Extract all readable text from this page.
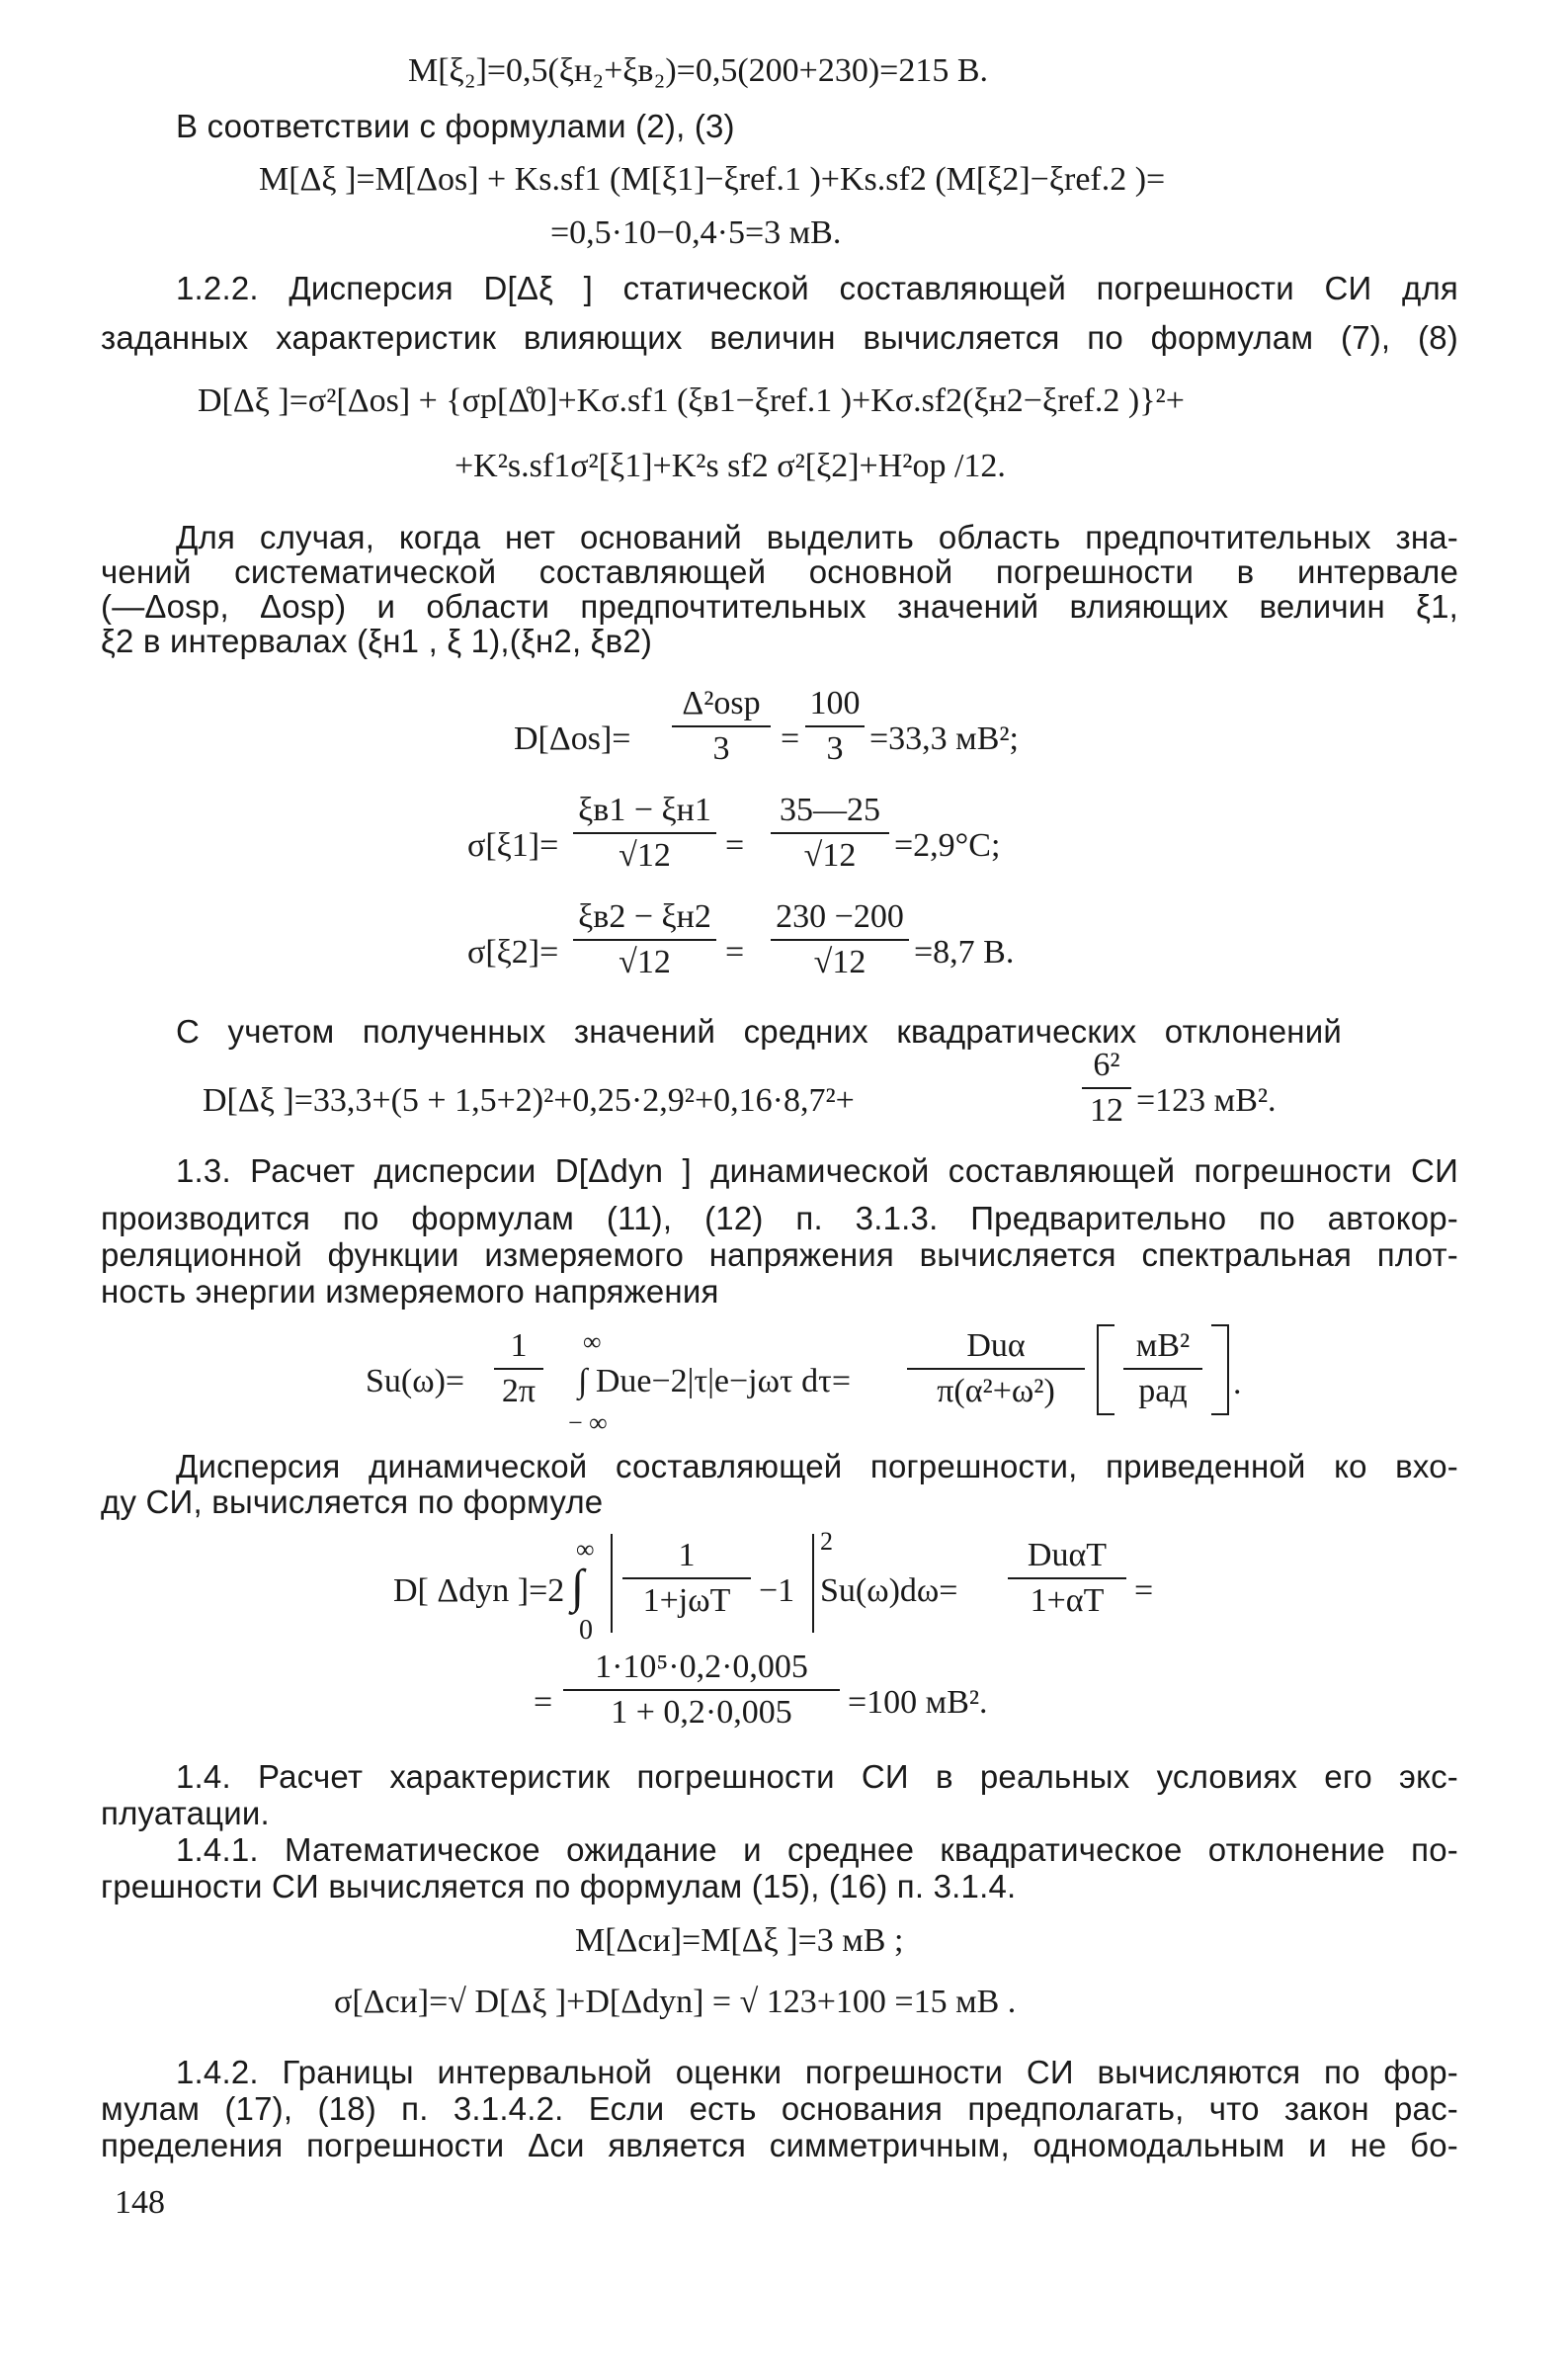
M[ξ₂]=0,5(ξн₂+ξв₂)=0,5(200+230)=215 В.
В соответствии с формулами (2), (3)
M[Δξ ]=M[Δos] + Ks.sf1 (M[ξ1]−ξref.1 )+Ks.sf2 (M[ξ2]−ξref.2 )=
=0,5·10−0,4·5=3 мВ.
1.2.2. Дисперсия D[Δξ ] статической составляющей погрешности СИ для
заданных характеристик влияющих величин вычисляется по формулам (7), (8)
D[Δξ ]=σ²[Δos] + {σp[Δ̊0]+Kσ.sf1 (ξв1−ξref.1 )+Kσ.sf2(ξн2−ξref.2 )}²+
+K²s.sf1σ²[ξ1]+K²s sf2 σ²[ξ2]+H²op /12.
Для случая, когда нет оснований выделить область предпочтительных зна-
чений систематической составляющей основной погрешности в интервале
(—Δosp, Δosp) и области предпочтительных значений влияющих величин ξ1,
ξ2 в интервалах (ξн1 , ξ 1),(ξн2, ξв2)
D[Δos]=
Δ²osp
3	=
100
3 =33,3 мВ²;
σ[ξ1]=
ξв1 − ξн1
√12	=
35—25
√12	=2,9°С;
σ[ξ2]=
ξв2 − ξн2
√12	=
230 −200
√12	=8,7 В.
С учетом полученных значений средних квадратических отклонений
D[Δξ ]=33,3+(5 + 1,5+2)²+0,25·2,9²+0,16·8,7²+
6²
12 =123 мВ².
1.3. Расчет дисперсии D[Δdyn ] динамической составляющей погрешности СИ
производится по формулам (11), (12) п. 3.1.3. Предварительно по автокор-
реляционной функции измеряемого напряжения вычисляется спектральная плот-
ность энергии измеряемого напряжения
Su(ω)=
1
2π
∞
∫ Duе−2|τ|е−jωτ dτ=
− ∞
Duα
π(α²+ω²)
мВ²
рад	.
Дисперсия динамической составляющей погрешности, приведенной ко вхо-
ду СИ, вычисляется по формуле
D[ Δdyn ]=2
∞
∫
0
1
1+jωT −1
2
Su(ω)dω=
DuαT
1+αT =
=
1·10⁵·0,2·0,005
1 + 0,2·0,005	=100 мВ².
1.4. Расчет характеристик погрешности СИ в реальных условиях его экс-
плуатации.
1.4.1. Математическое ожидание и среднее квадратическое отклонение по-
грешности СИ вычисляется по формулам (15), (16) п. 3.1.4.
M[Δси]=M[Δξ ]=3 мВ ;
σ[Δси]=√ D[Δξ ]+D[Δdyn] = √ 123+100 =15 мВ .
1.4.2. Границы интервальной оценки погрешности СИ вычисляются по фор-
мулам (17), (18) п. 3.1.4.2. Если есть основания предполагать, что закон рас-
пределения погрешности Δси является симметричным, одномодальным и не бо-
148
